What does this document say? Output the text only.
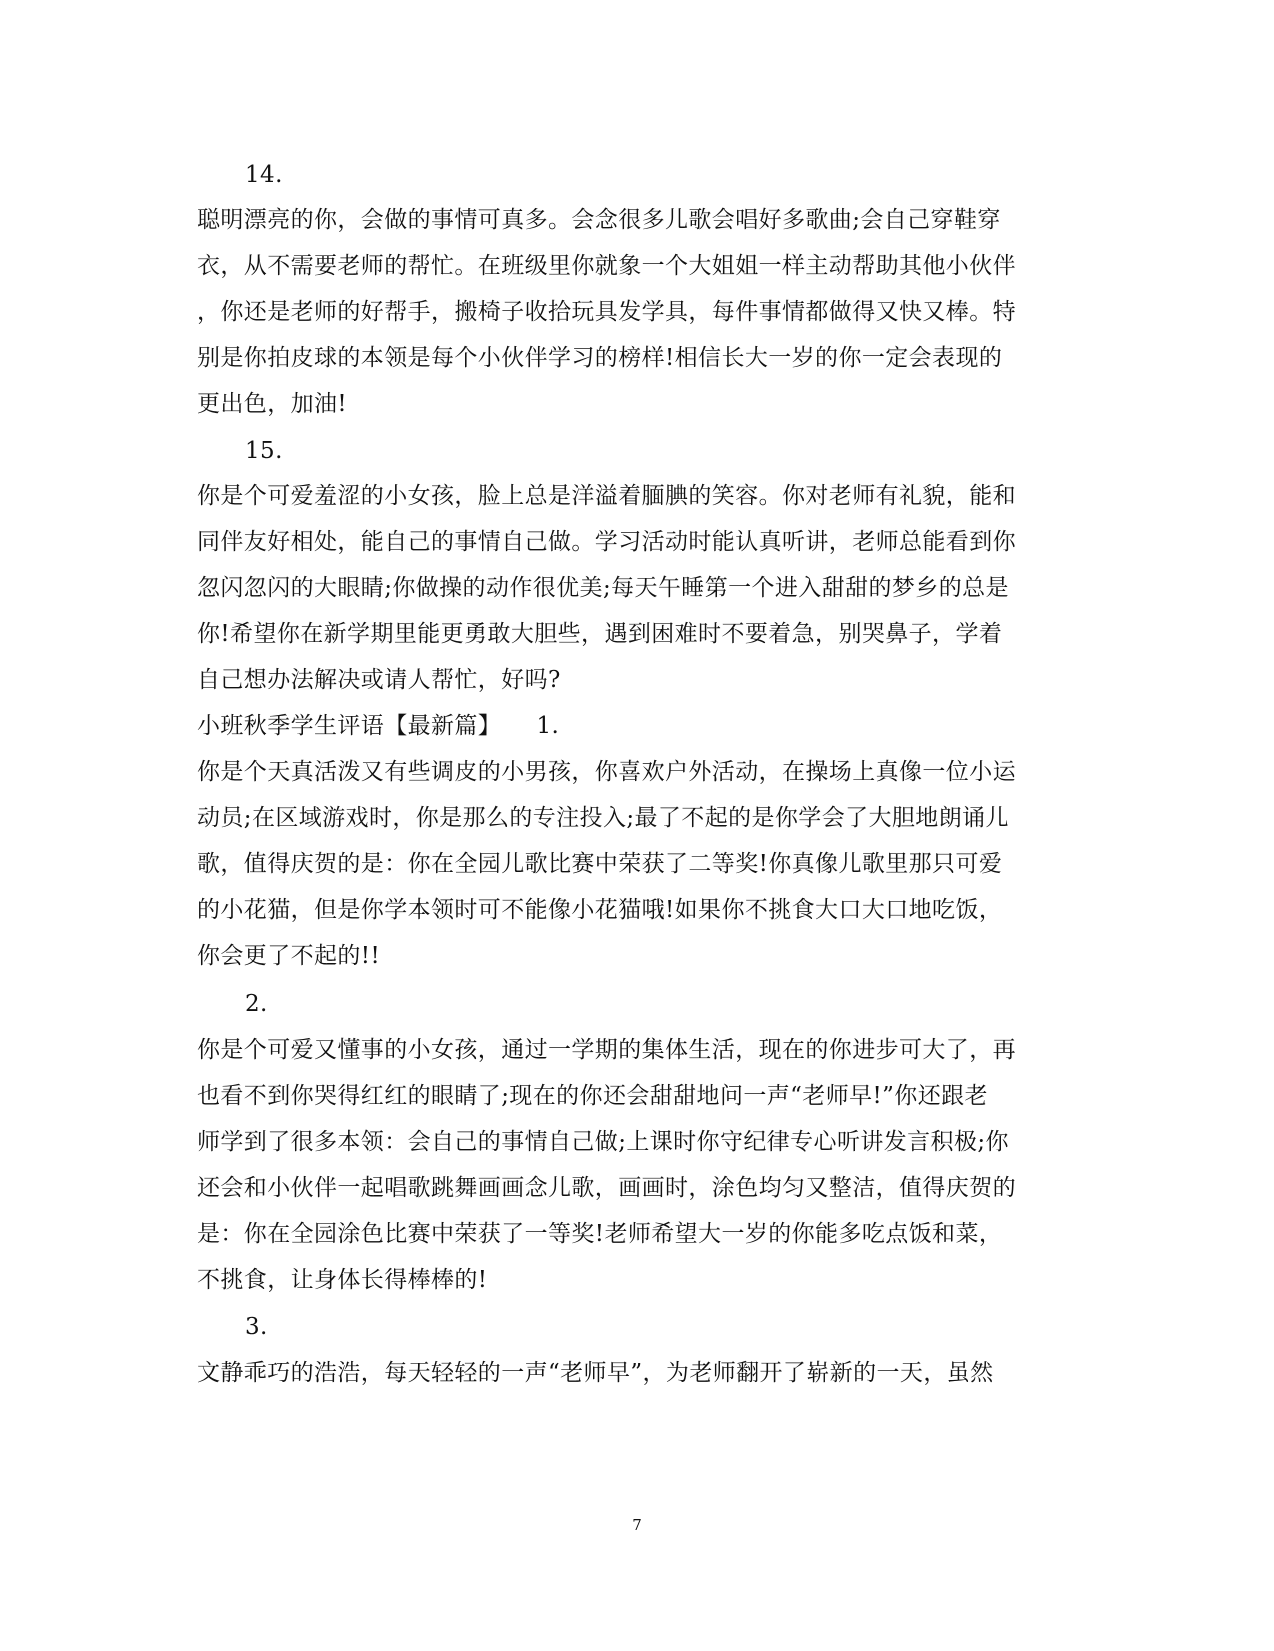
14.
聪明漂亮的你，会做的事情可真多。会念很多儿歌会唱好多歌曲;会自己穿鞋穿
衣，从不需要老师的帮忙。在班级里你就象一个大姐姐一样主动帮助其他小伙伴
，你还是老师的好帮手，搬椅子收拾玩具发学具，每件事情都做得又快又棒。特
别是你拍皮球的本领是每个小伙伴学习的榜样!相信长大一岁的你一定会表现的
更出色，加油!
15.
你是个可爱羞涩的小女孩，脸上总是洋溢着腼腆的笑容。你对老师有礼貌，能和
同伴友好相处，能自己的事情自己做。学习活动时能认真听讲，老师总能看到你
忽闪忽闪的大眼睛;你做操的动作很优美;每天午睡第一个进入甜甜的梦乡的总是
你!希望你在新学期里能更勇敢大胆些，遇到困难时不要着急，别哭鼻子，学着
自己想办法解决或请人帮忙，好吗?
小班秋季学生评语【最新篇】　　1.
你是个天真活泼又有些调皮的小男孩，你喜欢户外活动，在操场上真像一位小运
动员;在区域游戏时，你是那么的专注投入;最了不起的是你学会了大胆地朗诵儿
歌，值得庆贺的是：你在全园儿歌比赛中荣获了二等奖!你真像儿歌里那只可爱
的小花猫，但是你学本领时可不能像小花猫哦!如果你不挑食大口大口地吃饭，
你会更了不起的!!
2.
你是个可爱又懂事的小女孩，通过一学期的集体生活，现在的你进步可大了，再
也看不到你哭得红红的眼睛了;现在的你还会甜甜地问一声“老师早!”你还跟老
师学到了很多本领：会自己的事情自己做;上课时你守纪律专心听讲发言积极;你
还会和小伙伴一起唱歌跳舞画画念儿歌，画画时，涂色均匀又整洁，值得庆贺的
是：你在全园涂色比赛中荣获了一等奖!老师希望大一岁的你能多吃点饭和菜，
不挑食，让身体长得棒棒的!
3.
文静乖巧的浩浩，每天轻轻的一声“老师早”，为老师翻开了崭新的一天，虽然
7
